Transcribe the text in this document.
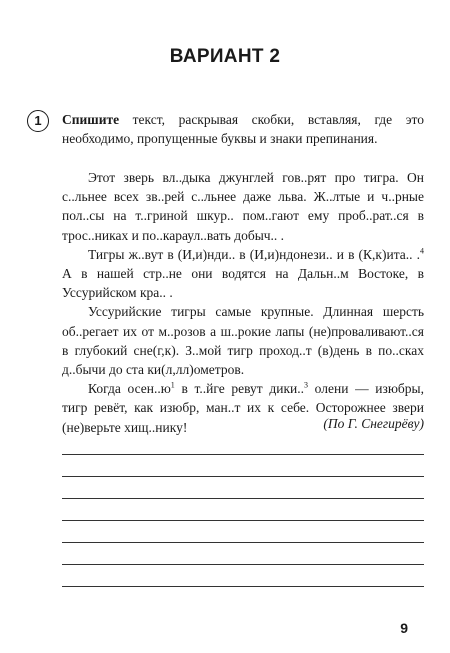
ВАРИАНТ 2
1	Спишите текст, раскрывая скобки, вставляя, где это необходимо, пропущенные буквы и знаки препинания.

Этот зверь вл..дыка джунглей гов..рят про тигра. Он с..льнее всех зв..рей с..льнее даже льва. Ж..лтые и ч..рные пол..сы на т..гриной шкур.. пом..гают ему проб..рат..ся в трос..никах и по..караул..вать добыч.. .

Тигры ж..вут в (И,и)нди.. в (И,и)ндонези.. и в (К,к)ита.. .$^4$ А в нашей стр..не они водятся на Дальн..м Востоке, в Уссурийском кра.. .

Уссурийские тигры самые крупные. Длинная шерсть об..регает их от м..розов а ш..рокие лапы (не)проваливают..ся в глубокий сне(г,к). З..мой тигр проход..т (в)день в по..сках д..бычи до ста ки(л,лл)ометров.

Когда $осен..ю^1$ в т..йге ревут дики..$^3$ олени — изюбры, тигр ревёт, как изюбр, ман..т их к себе. Осторожнее звери (не)верьте хищ..нику!	(По Г. Снегирёву)
9
